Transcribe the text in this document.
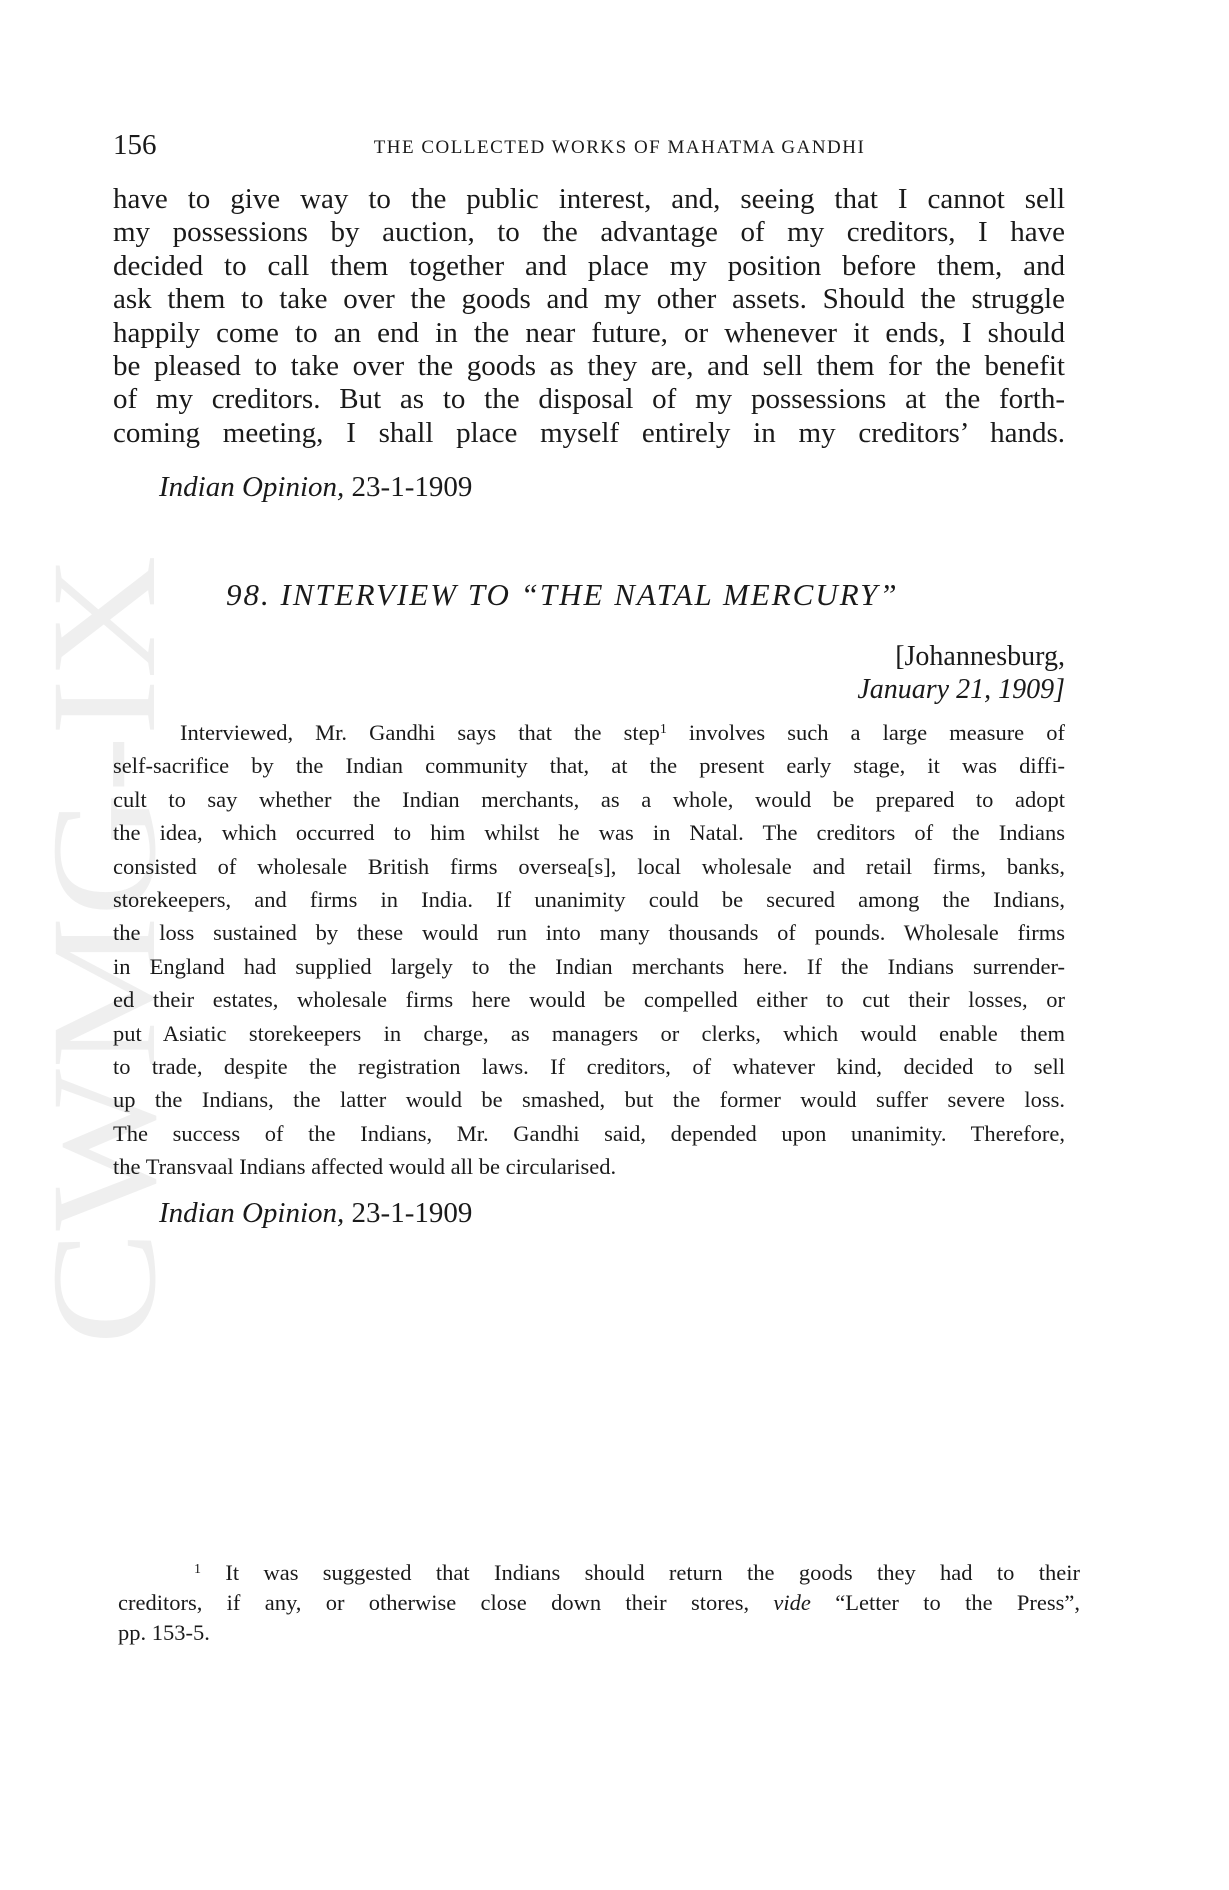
CWMG-IX
156	THE COLLECTED WORKS OF MAHATMA GANDHI
have to give way to the public interest, and, seeing that I cannot sell
my possessions by auction, to the advantage of my creditors, I have
decided to call them together and place my position before them, and
ask them to take over the goods and my other assets. Should the struggle
happily come to an end in the near future, or whenever it ends, I should
be pleased to take over the goods as they are, and sell them for the benefit
of my creditors. But as to the disposal of my possessions at the forth-
coming meeting, I shall place myself entirely in my creditors’ hands.
Indian Opinion, 23-1-1909
98. INTERVIEW TO “THE NATAL MERCURY”
[Johannesburg,
January 21, 1909]
Interviewed, Mr. Gandhi says that the step$^1$ involves such a large measure of
self-sacrifice by the Indian community that, at the present early stage, it was diffi-
cult to say whether the Indian merchants, as a whole, would be prepared to adopt
the idea, which occurred to him whilst he was in Natal. The creditors of the Indians
consisted of wholesale British firms oversea[s], local wholesale and retail firms, banks,
storekeepers, and firms in India. If unanimity could be secured among the Indians,
the loss sustained by these would run into many thousands of pounds. Wholesale firms
in England had supplied largely to the Indian merchants here. If the Indians surrender-
ed their estates, wholesale firms here would be compelled either to cut their losses, or
put Asiatic storekeepers in charge, as managers or clerks, which would enable them
to trade, despite the registration laws. If creditors, of whatever kind, decided to sell
up the Indians, the latter would be smashed, but the former would suffer severe loss.
The success of the Indians, Mr. Gandhi said, depended upon unanimity. Therefore,
the Transvaal Indians affected would all be circularised.
Indian Opinion, 23-1-1909
$^1$ It was suggested that Indians should return the goods they had to their
creditors, if any, or otherwise close down their stores, vide “Letter to the Press”,
pp. 153-5.
